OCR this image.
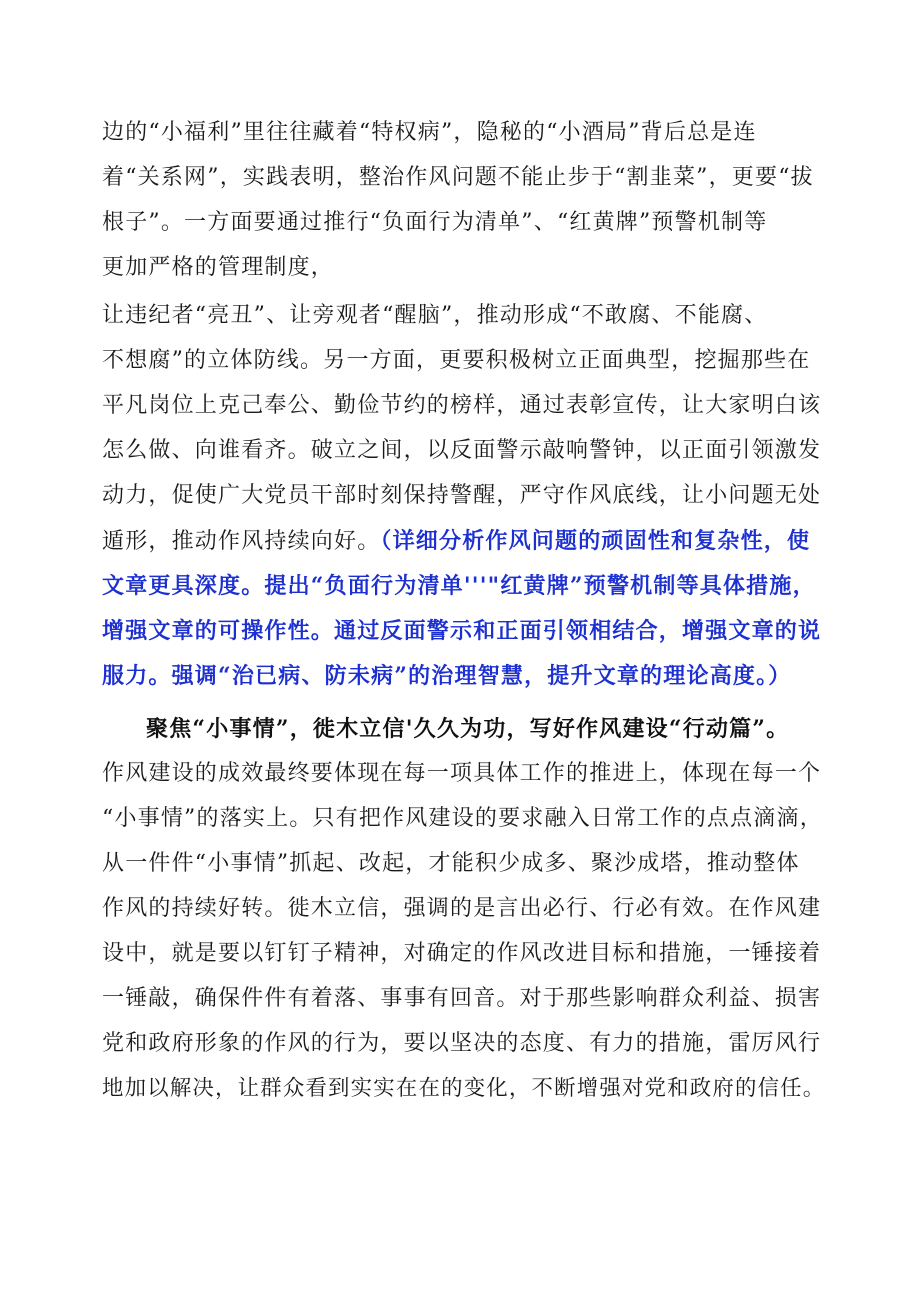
边的“小福利”里往往藏着“特权病”，隐秘的“小酒局”背后总是连
着“关系网”，实践表明，整治作风问题不能止步于“割韭菜”，更要“拔
根子”。一方面要通过推行“负面行为清单”、“红黄牌”预警机制等
更加严格的管理制度，
让违纪者“亮丑”、让旁观者“醒脑”，推动形成“不敢腐、不能腐、
不想腐”的立体防线。另一方面，更要积极树立正面典型，挖掘那些在
平凡岗位上克己奉公、勤俭节约的榜样，通过表彰宣传，让大家明白该
怎么做、向谁看齐。破立之间，以反面警示敲响警钟，以正面引领激发
动力，促使广大党员干部时刻保持警醒，严守作风底线，让小问题无处
遁形，推动作风持续向好。（详细分析作风问题的顽固性和复杂性，使
文章更具深度。提出“负面行为清单'''"红黄牌”预警机制等具体措施，
增强文章的可操作性。通过反面警示和正面引领相结合，增强文章的说
服力。强调“治已病、防未病”的治理智慧，提升文章的理论高度。）
聚焦“小事情”，徙木立信'久久为功，写好作风建设“行动篇”。
作风建设的成效最终要体现在每一项具体工作的推进上，体现在每一个
“小事情”的落实上。只有把作风建设的要求融入日常工作的点点滴滴，
从一件件“小事情”抓起、改起，才能积少成多、聚沙成塔，推动整体
作风的持续好转。徙木立信，强调的是言出必行、行必有效。在作风建
设中，就是要以钉钉子精神，对确定的作风改进目标和措施，一锤接着
一锤敲，确保件件有着落、事事有回音。对于那些影响群众利益、损害
党和政府形象的作风的行为，要以坚决的态度、有力的措施，雷厉风行
地加以解决，让群众看到实实在在的变化，不断增强对党和政府的信任。
